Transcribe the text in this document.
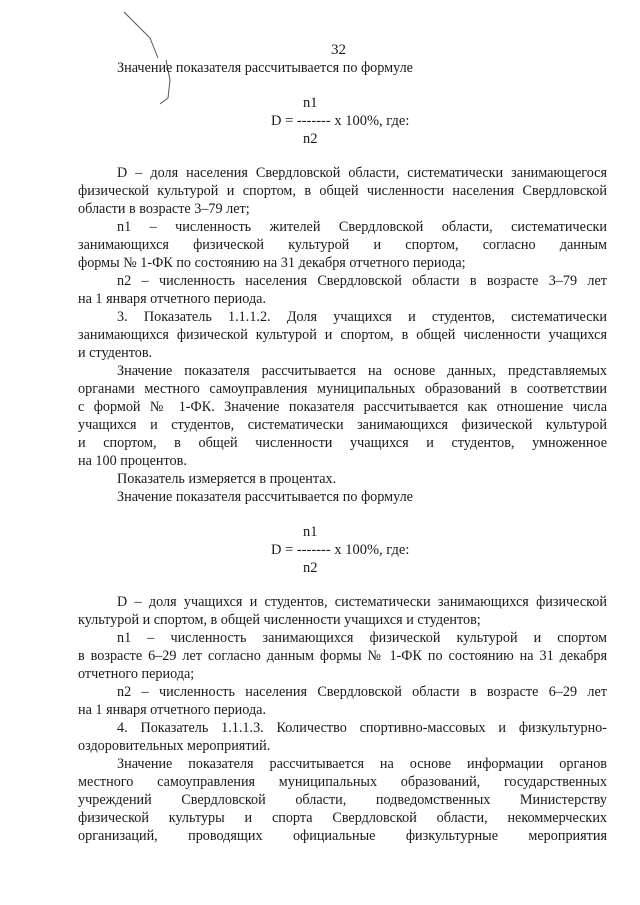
32
Значение показателя рассчитывается по формуле
n1
D = ------- x 100%, где:
n2
D – доля населения Свердловской области, систематически занимающегося
физической культурой и спортом, в общей численности населения Свердловской
области в возрасте 3–79 лет;
n1 – численность жителей Свердловской области, систематически
занимающихся физической культурой и спортом, согласно данным
формы № 1-ФК по состоянию на 31 декабря отчетного периода;
n2 – численность населения Свердловской области в возрасте 3–79 лет
на 1 января отчетного периода.
3. Показатель 1.1.1.2. Доля учащихся и студентов, систематически
занимающихся физической культурой и спортом, в общей численности учащихся
и студентов.
Значение показателя рассчитывается на основе данных, представляемых
органами местного самоуправления муниципальных образований в соответствии
с формой № 1-ФК. Значение показателя рассчитывается как отношение числа
учащихся и студентов, систематически занимающихся физической культурой
и спортом, в общей численности учащихся и студентов, умноженное
на 100 процентов.
Показатель измеряется в процентах.
Значение показателя рассчитывается по формуле
n1
D = ------- x 100%, где:
n2
D – доля учащихся и студентов, систематически занимающихся физической
культурой и спортом, в общей численности учащихся и студентов;
n1 – численность занимающихся физической культурой и спортом
в возрасте 6–29 лет согласно данным формы № 1-ФК по состоянию на 31 декабря
отчетного периода;
n2 – численность населения Свердловской области в возрасте 6–29 лет
на 1 января отчетного периода.
4. Показатель 1.1.1.3. Количество спортивно-массовых и физкультурно-
оздоровительных мероприятий.
Значение показателя рассчитывается на основе информации органов
местного самоуправления муниципальных образований, государственных
учреждений Свердловской области, подведомственных Министерству
физической культуры и спорта Свердловской области, некоммерческих
организаций, проводящих официальные физкультурные мероприятия
